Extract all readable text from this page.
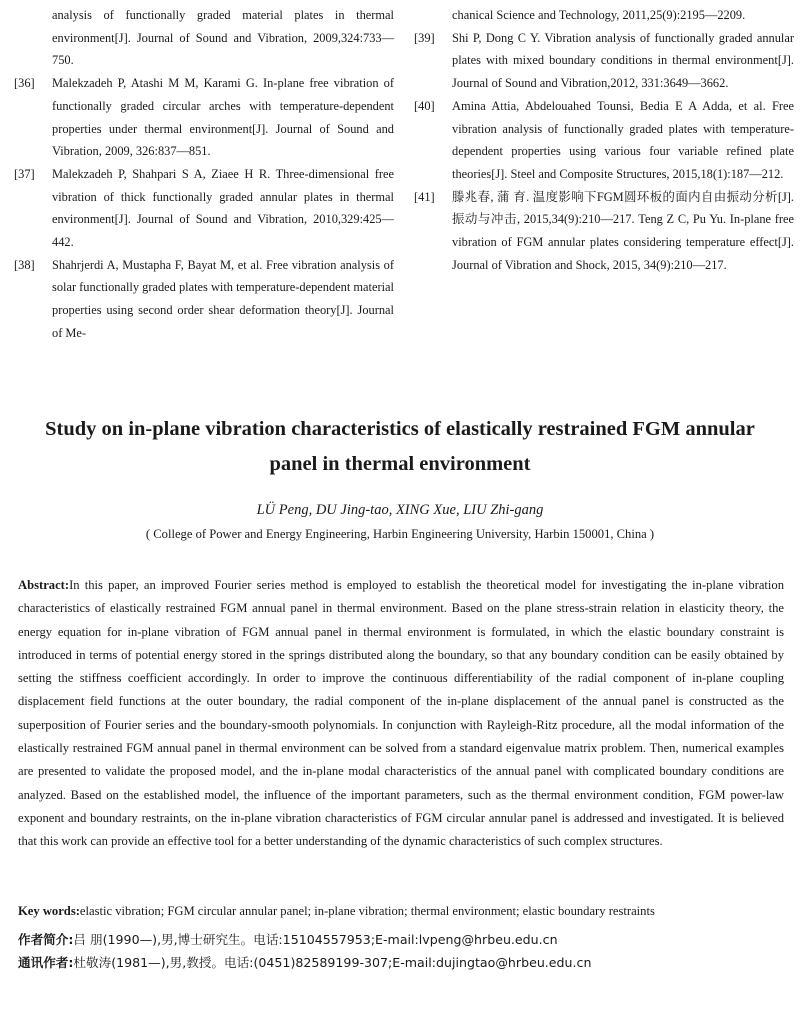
analysis of functionally graded material plates in thermal environment[J]. Journal of Sound and Vibration, 2009,324:733—750.
[36]	Malekzadeh P, Atashi M M, Karami G. In-plane free vibration of functionally graded circular arches with temperature-dependent properties under thermal environment[J]. Journal of Sound and Vibration, 2009, 326:837—851.
[37]	Malekzadeh P, Shahpari S A, Ziaee H R. Three-dimensional free vibration of thick functionally graded annular plates in thermal environment[J]. Journal of Sound and Vibration, 2010,329:425—442.
[38]	Shahrjerdi A, Mustapha F, Bayat M, et al. Free vibration analysis of solar functionally graded plates with temperature-dependent material properties using second order shear deformation theory[J]. Journal of Me-
chanical Science and Technology, 2011,25(9):2195—2209.
[39]	Shi P, Dong C Y. Vibration analysis of functionally graded annular plates with mixed boundary conditions in thermal environment[J]. Journal of Sound and Vibration,2012, 331:3649—3662.
[40]	Amina Attia, Abdelouahed Tounsi, Bedia E A Adda, et al. Free vibration analysis of functionally graded plates with temperature-dependent properties using various four variable refined plate theories[J]. Steel and Composite Structures, 2015,18(1):187—212.
[41]	滕兆春, 蒲 育. 温度影响下FGM圆环板的面内自由振动分析[J].振动与冲击, 2015,34(9):210—217. Teng Z C, Pu Yu. In-plane free vibration of FGM annular plates considering temperature effect[J]. Journal of Vibration and Shock, 2015, 34(9):210—217.
Study on in-plane vibration characteristics of elastically restrained FGM annular panel in thermal environment
LÜ Peng, DU Jing-tao, XING Xue, LIU Zhi-gang
( College of Power and Energy Engineering, Harbin Engineering University, Harbin 150001, China )

Abstract:In this paper, an improved Fourier series method is employed to establish the theoretical model for investigating the in-plane vibration characteristics of elastically restrained FGM annual panel in thermal environment. Based on the plane stress-strain relation in elasticity theory, the energy equation for in-plane vibration of FGM annual panel in thermal environment is formulated, in which the elastic boundary constraint is introduced in terms of potential energy stored in the springs distributed along the boundary, so that any boundary condition can be easily obtained by setting the stiffness coefficient accordingly. In order to improve the continuous differentiability of the radial component of in-plane coupling displacement field functions at the outer boundary, the radial component of the in-plane displacement of the annual panel is constructed as the superposition of Fourier series and the boundary-smooth polynomials. In conjunction with Rayleigh-Ritz procedure, all the modal information of the elastically restrained FGM annual panel in thermal environment can be solved from a standard eigenvalue matrix problem. Then, numerical examples are presented to validate the proposed model, and the in-plane modal characteristics of the annual panel with complicated boundary conditions are analyzed. Based on the established model, the influence of the important parameters, such as the thermal environment condition, FGM power-law exponent and boundary restraints, on the in-plane vibration characteristics of FGM circular annular panel is addressed and investigated. It is believed that this work can provide an effective tool for a better understanding of the dynamic characteristics of such complex structures.

Key words:elastic vibration; FGM circular annular panel; in-plane vibration; thermal environment; elastic boundary restraints
作者简介:吕 朋(1990—),男,博士研究生。电话:15104557953;E-mail:lvpeng@hrbeu.edu.cn
通讯作者:杜敬涛(1981—),男,教授。电话:(0451)82589199-307;E-mail:dujingtao@hrbeu.edu.cn
